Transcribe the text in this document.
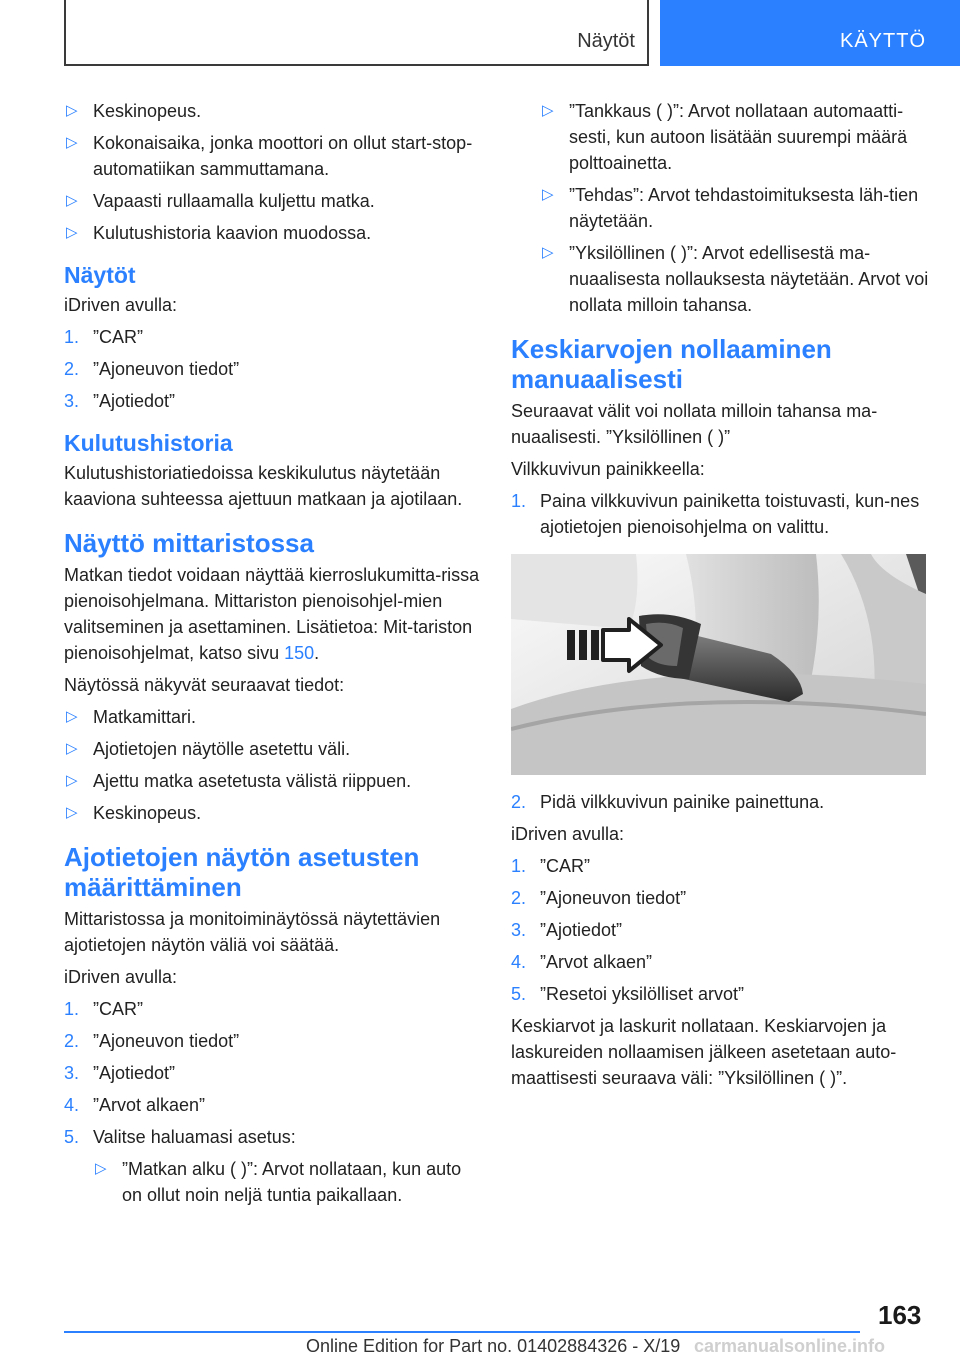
Näytöt	KÄYTTÖ
▷ Keskinopeus.
▷ Kokonaisaika, jonka moottori on ollut start-stop-automatiikan sammuttamana.
▷ Vapaasti rullaamalla kuljettu matka.
▷ Kulutushistoria kaavion muodossa.
Näytöt
iDriven avulla:
1. ”CAR”
2. ”Ajoneuvon tiedot”
3. ”Ajotiedot”
Kulutushistoria
Kulutushistoriatiedoissa keskikulutus näytetään kaaviona suhteessa ajettuun matkaan ja ajotilaan.
Näyttö mittaristossa
Matkan tiedot voidaan näyttää kierroslukumitta-rissa pienoisohjelmana. Mittariston pienoisohjel-mien valitseminen ja asettaminen. Lisätietoa: Mit-tariston pienoisohjelmat, katso sivu 150.
Näytössä näkyvät seuraavat tiedot:
▷ Matkamittari.
▷ Ajotietojen näytölle asetettu väli.
▷ Ajettu matka asetetusta välistä riippuen.
▷ Keskinopeus.
Ajotietojen näytön asetusten määrittäminen
Mittaristossa ja monitoiminäytössä näytettävien ajotietojen näytön väliä voi säätää.
iDriven avulla:
1. ”CAR”
2. ”Ajoneuvon tiedot”
3. ”Ajotiedot”
4. ”Arvot alkaen”
5. Valitse haluamasi asetus:
▷ ”Matkan alku ( )”: Arvot nollataan, kun auto on ollut noin neljä tuntia paikallaan.
▷ ”Tankkaus ( )”: Arvot nollataan automaatti-sesti, kun autoon lisätään suurempi määrä polttoainetta.
▷ ”Tehdas”: Arvot tehdastoimituksesta läh-tien näytetään.
▷ ”Yksilöllinen ( )”: Arvot edellisestä ma-nuaalisesta nollauksesta näytetään. Arvot voi nollata milloin tahansa.
Keskiarvojen nollaaminen manuaalisesti
Seuraavat välit voi nollata milloin tahansa ma-nuaalisesti. ”Yksilöllinen ( )”
Vilkkuvivun painikkeella:
1. Paina vilkkuvivun painiketta toistuvasti, kun-nes ajotietojen pienoisohjelma on valittu.
2. Pidä vilkkuvivun painike painettuna.
iDriven avulla:
1. ”CAR”
2. ”Ajoneuvon tiedot”
3. ”Ajotiedot”
4. ”Arvot alkaen”
5. ”Resetoi yksilölliset arvot”
Keskiarvot ja laskurit nollataan. Keskiarvojen ja laskureiden nollaamisen jälkeen asetetaan auto-maattisesti seuraava väli: ”Yksilöllinen ( )”.
163
Online Edition for Part no. 01402884326 - X/19 carmanualsonline.info
